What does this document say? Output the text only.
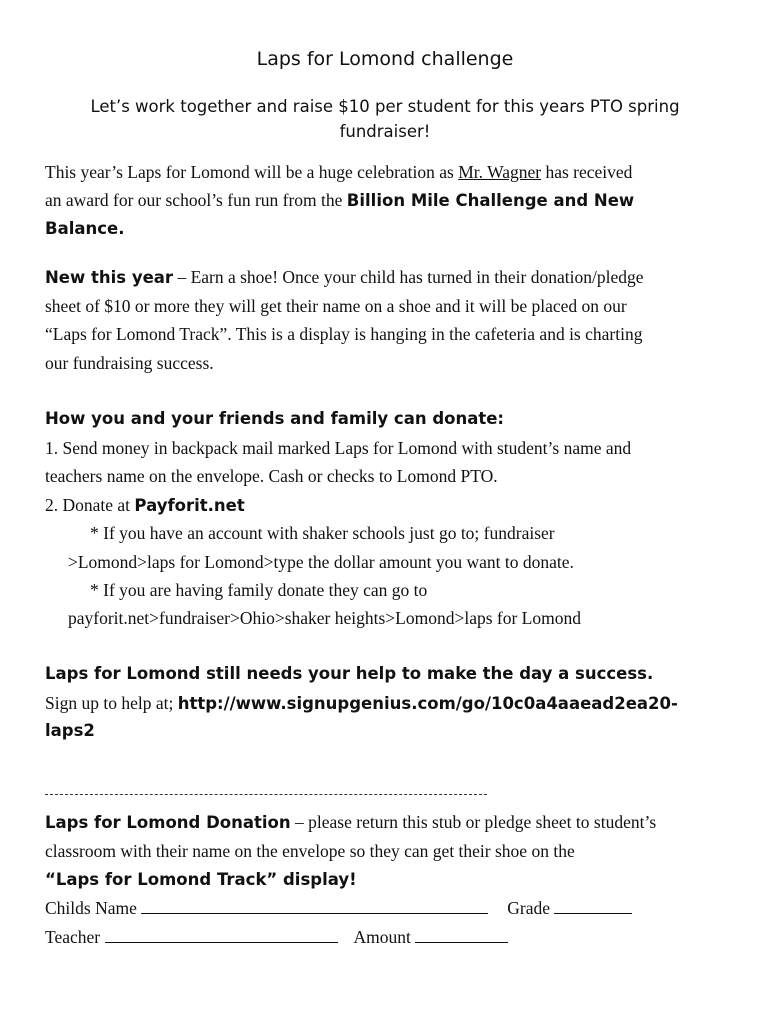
Laps for Lomond challenge
Let’s work together and raise $10 per student for this years PTO spring fundraiser!
This year’s Laps for Lomond will be a huge celebration as Mr. Wagner has received
an award for our school’s fun run from the Billion Mile Challenge and New
Balance.
New this year – Earn a shoe! Once your child has turned in their donation/pledge
sheet of $10 or more they will get their name on a shoe and it will be placed on our
“Laps for Lomond Track”. This is a display is hanging in the cafeteria and is charting
our fundraising success.
How you and your friends and family can donate:
1. Send money in backpack mail marked Laps for Lomond with student’s name and
teachers name on the envelope. Cash or checks to Lomond PTO.
2. Donate at Payforit.net
* If you have an account with shaker schools just go to; fundraiser
>Lomond>laps for Lomond>type the dollar amount you want to donate.
* If you are having family donate they can go to
payforit.net>fundraiser>Ohio>shaker heights>Lomond>laps for Lomond
Laps for Lomond still needs your help to make the day a success.
Sign up to help at; http://www.signupgenius.com/go/10c0a4aaead2ea20-
laps2
Laps for Lomond Donation – please return this stub or pledge sheet to student’s
classroom with their name on the envelope so they can get their shoe on the
“Laps for Lomond Track” display!
Childs Name	Grade
Teacher	Amount
